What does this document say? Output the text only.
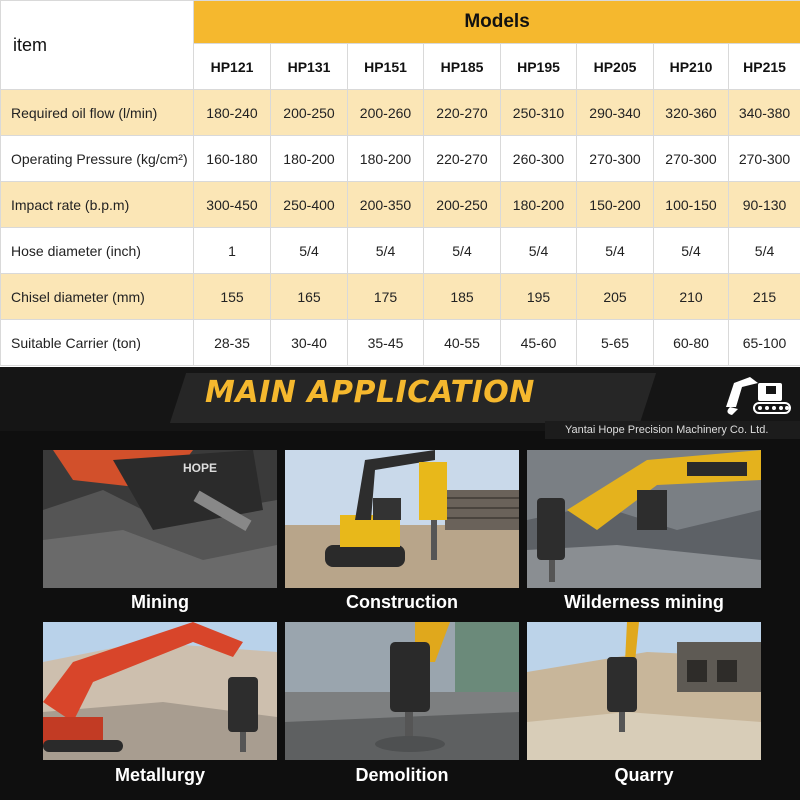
item	Models							
	HP121	HP131	HP151	HP185	HP195	HP205	HP210	HP215
Required oil flow (l/min)	180-240	200-250	200-260	220-270	250-310	290-340	320-360	340-380
Operating Pressure (kg/cm²)	160-180	180-200	180-200	220-270	260-300	270-300	270-300	270-300
Impact rate (b.p.m)	300-450	250-400	200-350	200-250	180-200	150-200	100-150	90-130
Hose diameter (inch)	1	5/4	5/4	5/4	5/4	5/4	5/4	5/4
Chisel diameter (mm)	155	165	175	185	195	205	210	215
Suitable Carrier (ton)	28-35	30-40	35-45	40-55	45-60	5-65	60-80	65-100
MAIN APPLICATION
Yantai Hope Precision Machinery Co. Ltd.
HOPE
Mining	Construction	Wilderness mining
Metallurgy	Demolition	Quarry
